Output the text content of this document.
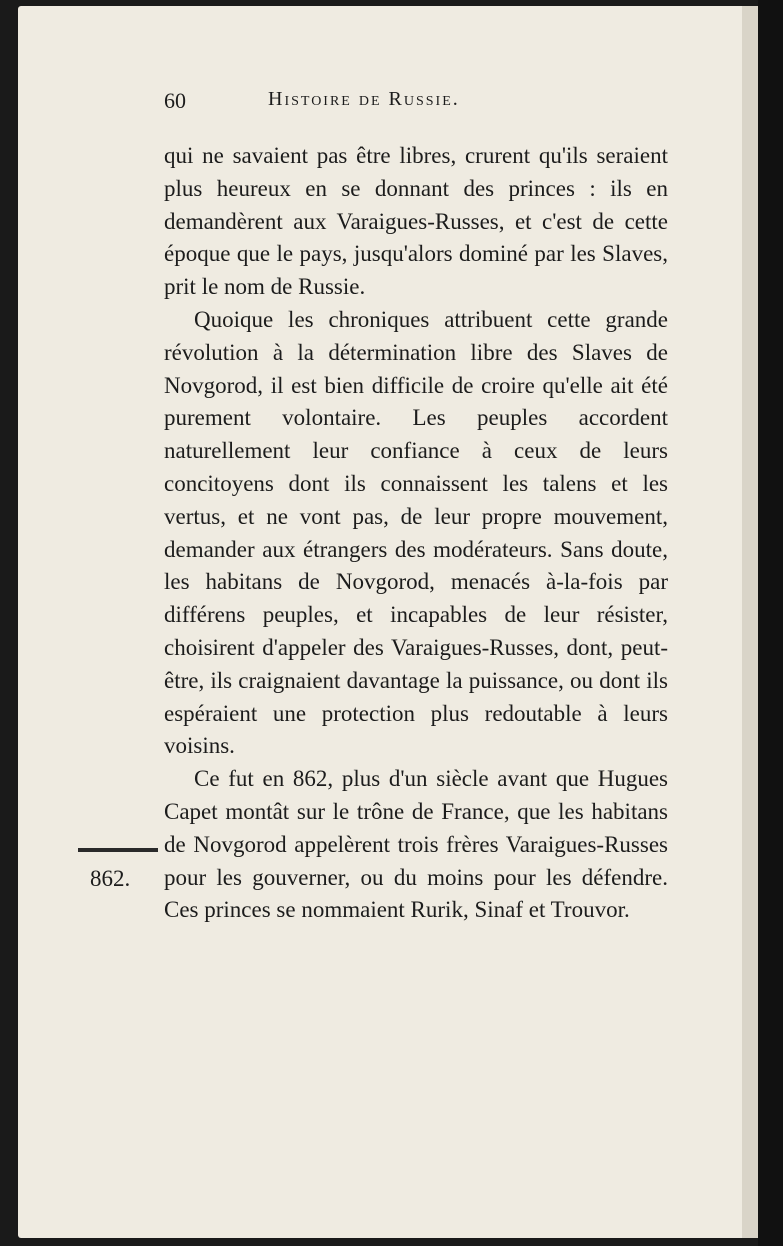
60	Histoire de Russie.
862.

qui ne savaient pas être libres, crurent qu'ils seraient plus heureux en se donnant des princes : ils en demandèrent aux Varaigues-Russes, et c'est de cette époque que le pays, jusqu'alors dominé par les Slaves, prit le nom de Russie.

Quoique les chroniques attribuent cette grande révolution à la détermination libre des Slaves de Novgorod, il est bien difficile de croire qu'elle ait été purement volontaire. Les peuples accordent naturellement leur confiance à ceux de leurs concitoyens dont ils connaissent les talens et les vertus, et ne vont pas, de leur propre mouvement, demander aux étrangers des modérateurs. Sans doute, les habitans de Novgorod, menacés à-la-fois par différens peuples, et incapables de leur résister, choisirent d'appeler des Varaigues-Russes, dont, peut-être, ils craignaient davantage la puissance, ou dont ils espéraient une protection plus redoutable à leurs voisins.

Ce fut en 862, plus d'un siècle avant que Hugues Capet montât sur le trône de France, que les habitans de Novgorod appelèrent trois frères Varaigues-Russes pour les gouverner, ou du moins pour les défendre. Ces princes se nommaient Rurik, Sinaf et Trouvor.
